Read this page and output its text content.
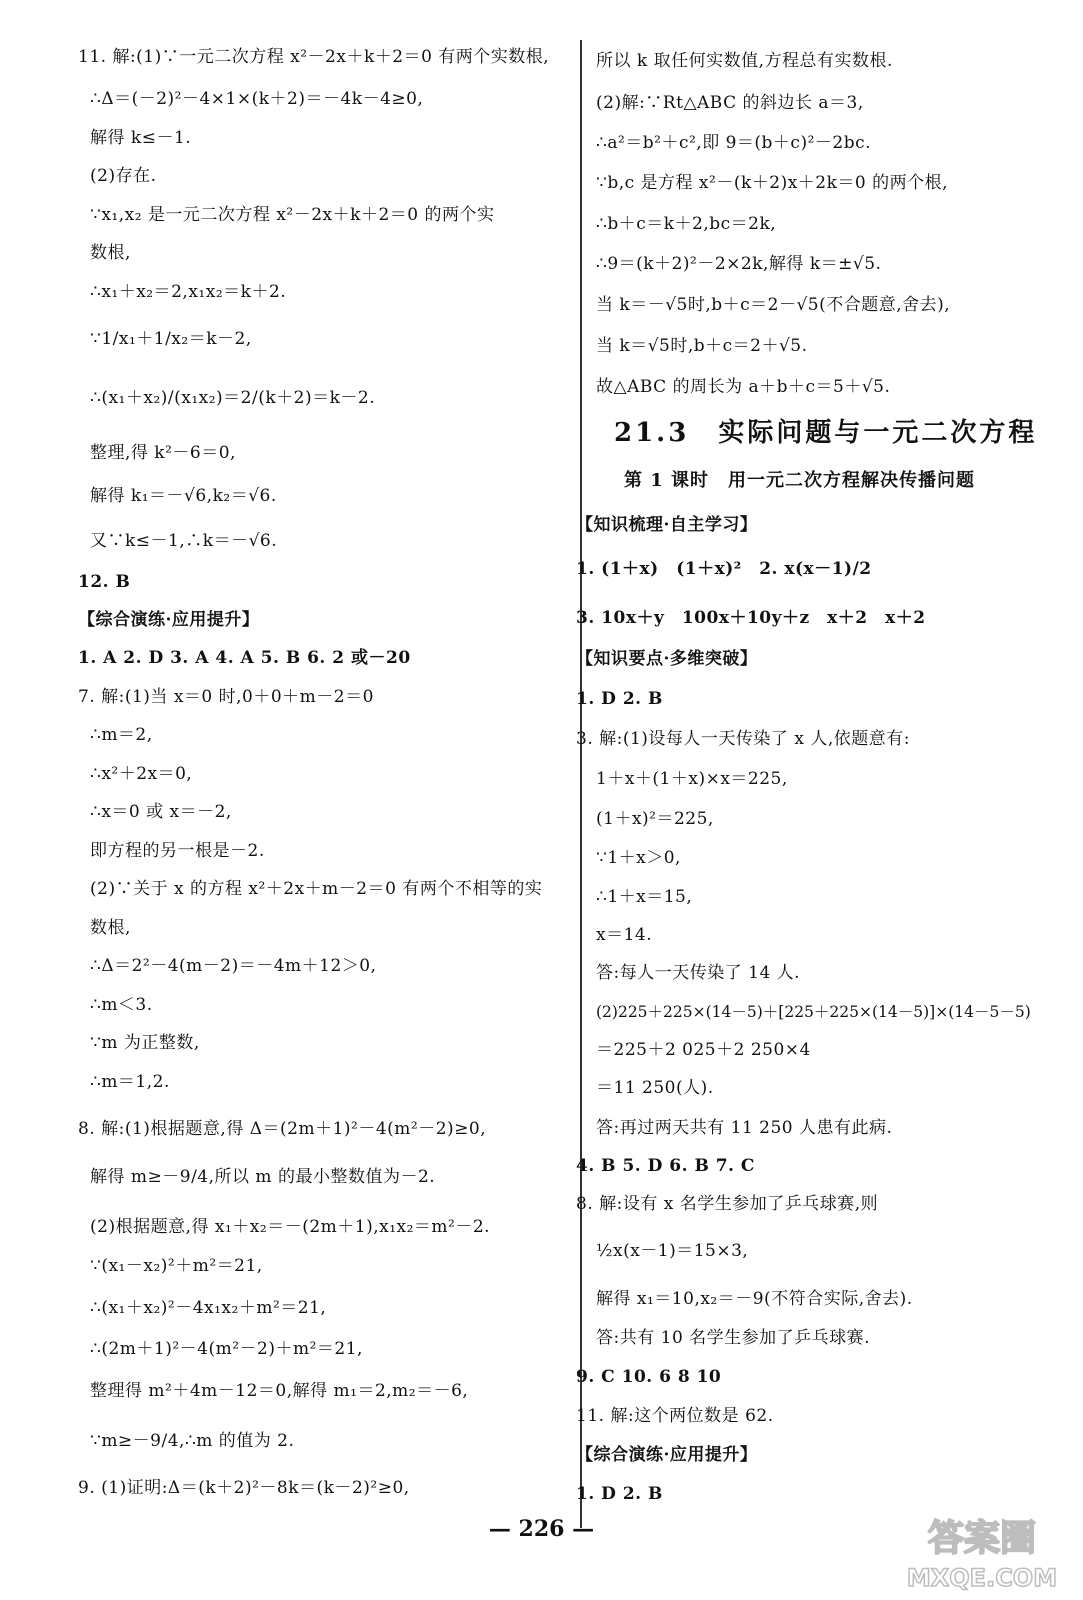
11. 解:(1)∵一元二次方程 x²－2x＋k＋2＝0 有两个实数根,
∴Δ＝(－2)²－4×1×(k＋2)＝－4k－4≥0,
解得 k≤－1.
(2)存在.
∵x₁,x₂ 是一元二次方程 x²－2x＋k＋2＝0 的两个实
数根,
∴x₁＋x₂＝2,x₁x₂＝k＋2.
∵1/x₁＋1/x₂＝k－2,
∴(x₁＋x₂)/(x₁x₂)＝2/(k＋2)＝k－2.
整理,得 k²－6＝0,
解得 k₁＝－√6,k₂＝√6.
又∵k≤－1,∴k＝－√6.
12. B
【综合演练·应用提升】
1. A 2. D 3. A 4. A 5. B 6. 2 或－20
7. 解:(1)当 x＝0 时,0＋0＋m－2＝0
∴m＝2,
∴x²＋2x＝0,
∴x＝0 或 x＝－2,
即方程的另一根是－2.
(2)∵关于 x 的方程 x²＋2x＋m－2＝0 有两个不相等的实
数根,
∴Δ＝2²－4(m－2)＝－4m＋12＞0,
∴m＜3.
∵m 为正整数,
∴m＝1,2.
8. 解:(1)根据题意,得 Δ＝(2m＋1)²－4(m²－2)≥0,
解得 m≥－9/4,所以 m 的最小整数值为－2.
(2)根据题意,得 x₁＋x₂＝－(2m＋1),x₁x₂＝m²－2.
∵(x₁－x₂)²＋m²＝21,
∴(x₁＋x₂)²－4x₁x₂＋m²＝21,
∴(2m＋1)²－4(m²－2)＋m²＝21,
整理得 m²＋4m－12＝0,解得 m₁＝2,m₂＝－6,
∵m≥－9/4,∴m 的值为 2.
9. (1)证明:Δ＝(k＋2)²－8k＝(k－2)²≥0,
所以 k 取任何实数值,方程总有实数根.
(2)解:∵Rt△ABC 的斜边长 a＝3,
∴a²＝b²＋c²,即 9＝(b＋c)²－2bc.
∵b,c 是方程 x²－(k＋2)x＋2k＝0 的两个根,
∴b＋c＝k＋2,bc＝2k,
∴9＝(k＋2)²－2×2k,解得 k＝±√5.
当 k＝－√5时,b＋c＝2－√5(不合题意,舍去),
当 k＝√5时,b＋c＝2＋√5.
故△ABC 的周长为 a＋b＋c＝5＋√5.
21.3　实际问题与一元二次方程
第 1 课时　用一元二次方程解决传播问题
【知识梳理·自主学习】
1. (1＋x)　(1＋x)²　2. x(x－1)/2
3. 10x＋y　100x＋10y＋z　x＋2　x＋2
【知识要点·多维突破】
1. D 2. B
3. 解:(1)设每人一天传染了 x 人,依题意有:
1＋x＋(1＋x)×x＝225,
(1＋x)²＝225,
∵1＋x＞0,
∴1＋x＝15,
x＝14.
答:每人一天传染了 14 人.
(2)225＋225×(14－5)＋[225＋225×(14－5)]×(14－5－5)
＝225＋2 025＋2 250×4
＝11 250(人).
答:再过两天共有 11 250 人患有此病.
4. B 5. D 6. B 7. C
8. 解:设有 x 名学生参加了乒乓球赛,则
½x(x－1)＝15×3,
解得 x₁＝10,x₂＝－9(不符合实际,舍去).
答:共有 10 名学生参加了乒乓球赛.
9. C 10. 6 8 10
11. 解:这个两位数是 62.
【综合演练·应用提升】
1. D 2. B
— 226 —	答案圈
MXQE.COM
